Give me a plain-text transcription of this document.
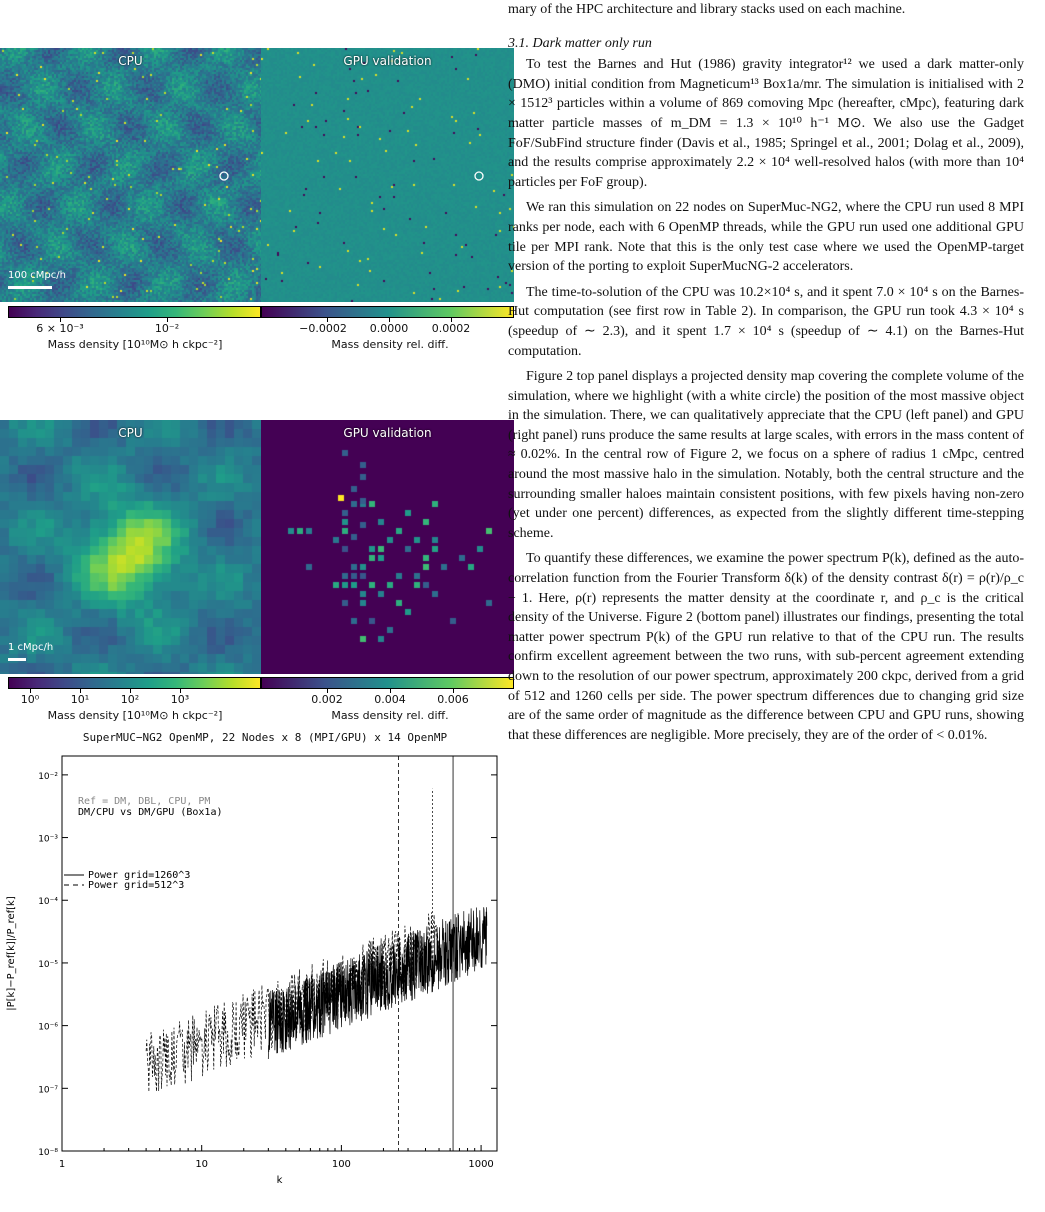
CPU
100 cMpc/h
GPU validation
6 × 10⁻³	10⁻²
Mass density [10¹⁰M⊙ h ckpc⁻²]
−0.0002 0.0000 0.0002
Mass density rel. diff.
CPU
1 cMpc/h
GPU validation
10⁰	10¹	10²	10³
Mass density [10¹⁰M⊙ h ckpc⁻²]
0.002	0.004	0.006
Mass density rel. diff.
SuperMUC−NG2 OpenMP, 22 Nodes x 8 (MPI/GPU) x 14 OpenMP
1	10	100	1000
k
10⁻²
10⁻³
10⁻⁴
10⁻⁵
10⁻⁶
10⁻⁷
10⁻⁸
|P[k]−P_ref[k]|/P_ref[k]
Ref = DM, DBL, CPU, PM
DM/CPU vs DM/GPU (Box1a)
Power grid=1260^3
Power grid=512^3

mary of the HPC architecture and library stacks used on each machine.

3.1. Dark matter only run

To test the Barnes and Hut (1986) gravity integrator¹² we used a dark matter-only (DMO) initial condition from Magneticum¹³ Box1a/mr. The simulation is initialised with 2 × 1512³ particles within a volume of 869 comoving Mpc (hereafter, cMpc), featuring dark matter particle masses of m_DM = 1.3 × 10¹⁰ h⁻¹ M⊙. We also use the Gadget FoF/SubFind structure finder (Davis et al., 1985; Springel et al., 2001; Dolag et al., 2009), and the results comprise approximately 2.2 × 10⁴ well-resolved halos (with more than 10⁴ particles per FoF group).

We ran this simulation on 22 nodes on SuperMuc-NG2, where the CPU run used 8 MPI ranks per node, each with 6 OpenMP threads, while the GPU run used one additional GPU tile per MPI rank. Note that this is the only test case where we used the OpenMP-target version of the porting to exploit SuperMucNG-2 accelerators.

The time-to-solution of the CPU was 10.2×10⁴ s, and it spent 7.0 × 10⁴ s on the Barnes-Hut computation (see first row in Table 2). In comparison, the GPU run took 4.3 × 10⁴ s (speedup of ∼ 2.3), and it spent 1.7 × 10⁴ s (speedup of ∼ 4.1) on the Barnes-Hut computation.

Figure 2 top panel displays a projected density map covering the complete volume of the simulation, where we highlight (with a white circle) the position of the most massive object in the simulation. There, we can qualitatively appreciate that the CPU (left panel) and GPU (right panel) runs produce the same results at large scales, with errors in the mass content of ≈ 0.02%. In the central row of Figure 2, we focus on a sphere of radius 1 cMpc, centred around the most massive halo in the simulation. Notably, both the central structure and the surrounding smaller haloes maintain consistent positions, with few pixels having non-zero (yet under one percent) differences, as expected from the slightly different time-stepping scheme.

To quantify these differences, we examine the power spectrum P(k), defined as the auto-correlation function from the Fourier Transform δ(k) of the density contrast δ(r) = ρ(r)/ρ_c − 1. Here, ρ(r) represents the matter density at the coordinate r, and ρ_c is the critical density of the Universe. Figure 2 (bottom panel) illustrates our findings, presenting the total matter power spectrum P(k) of the GPU run relative to that of the CPU run. The results confirm excellent agreement between the two runs, with sub-percent agreement extending down to the resolution of our power spectrum, approximately 200 ckpc, derived from a grid of 512 and 1260 cells per side. The power spectrum differences due to changing grid size are of the same order of magnitude as the difference between CPU and GPU runs, showing that these differences are negligible. More precisely, they are of the order of < 0.01%.
